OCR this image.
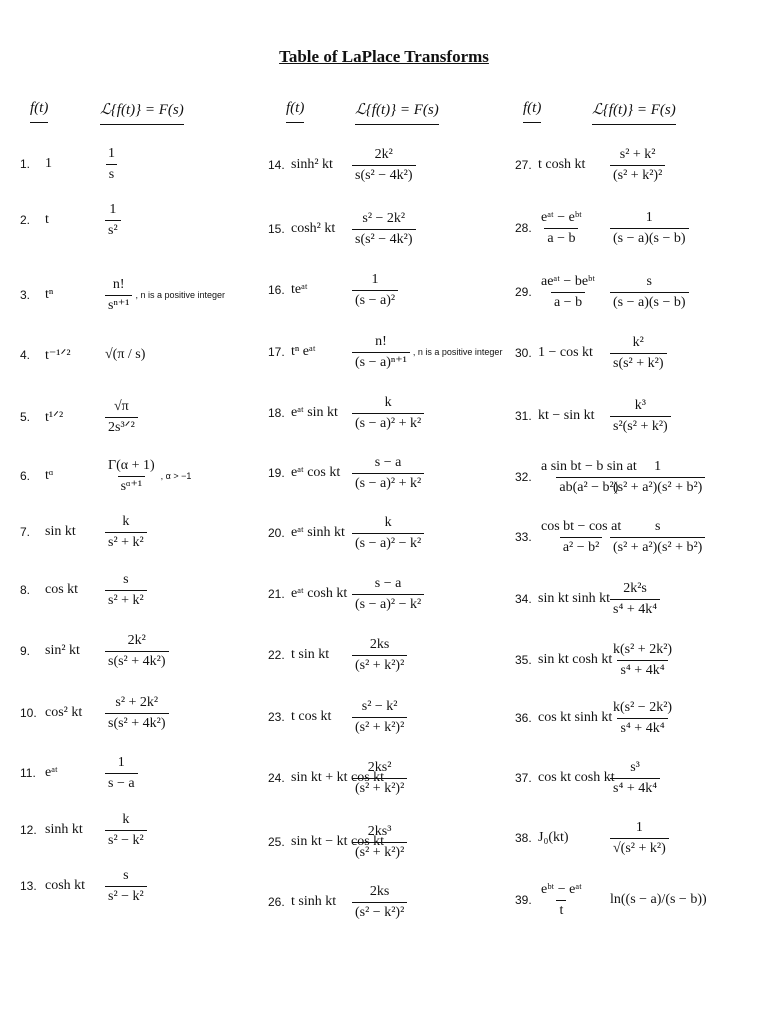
Table of LaPlace Transforms
f(t)	ℒ{f(t)} = F(s)
1. 1	$\frac{1}{s}$
2. t	$\frac{1}{\text{s²}}$
3. tⁿ	$\frac{n!}{\text{sⁿ⁺¹}}$ , n is a positive integer
4. t⁻¹ᐟ² √(π / s)
5. t¹ᐟ²	$\frac{√\pi}{\text{2s³ᐟ²}}$
6. tᵅ	$\frac{\Gamma(\alpha + 1)}{\text{sᵅ⁺¹}}$ , α > −1
7. sin kt $\frac{k}{\text{s² + k²}}$
8. cos kt $\frac{s}{\text{s² + k²}}$
9. sin² kt $\frac{\text{2k²}}{\text{s(s² + 4k²)}}$
10. cos² kt $\frac{\text{s² + 2k²}}{\text{s(s² + 4k²)}}$
11. eᵃᵗ	$\frac{1}{s - a}$
12. sinh kt $\frac{k}{\text{s² − k²}}$
13. cosh kt $\frac{s}{\text{s² − k²}}$
f(t)	ℒ{f(t)} = F(s)
14. sinh² kt $\frac{\text{2k²}}{\text{s(s² − 4k²)}}$
15. cosh² kt $\frac{\text{s² − 2k²}}{\text{s(s² − 4k²)}}$
16. teᵃᵗ	$\frac{1}{\text{(s − a)²}}$
17. tⁿ eᵃᵗ	$\frac{n!}{\text{(s − a)ⁿ⁺¹}}$ , n is a positive integer
18. eᵃᵗ sin kt $\frac{k}{\text{(s − a)² + k²}}$
19. eᵃᵗ cos kt $\frac{s - a}{\text{(s − a)² + k²}}$
20. eᵃᵗ sinh kt $\frac{k}{\text{(s − a)² − k²}}$
21. eᵃᵗ cosh kt $\frac{s - a}{\text{(s − a)² − k²}}$
22. t sin kt $\frac{2ks}{\text{(s² + k²)²}}$
23. t cos kt $\frac{\text{s² − k²}}{\text{(s² + k²)²}}$
24. sin kt + kt cos kt
$\frac{\text{2ks²}}{\text{(s² + k²)²}}$
25. sin kt − kt cos kt
$\frac{\text{2ks³}}{\text{(s² + k²)²}}$
26. t sinh kt $\frac{2ks}{\text{(s² − k²)²}}$
f(t)	ℒ{f(t)} = F(s)
27. t cosh kt $\frac{\text{s² + k²}}{\text{(s² + k²)²}}$
28. $\frac{\text{eᵃᵗ − eᵇᵗ}}{a - b} \frac{1}{(s - a)(s - b)}$
29. $\frac{\text{aeᵃᵗ − beᵇᵗ}}{a - b} \frac{s}{(s - a)(s - b)}$
30. 1 − cos kt $\frac{\text{k²}}{\text{s(s² + k²)}}$
31. kt − sin kt $\frac{\text{k³}}{\text{s²(s² + k²)}}$
32. $\frac{\text{a sin bt − b sin at}}{\text{ab(a² − b²)}}$
$\frac{1}{\text{(s² + a²)(s² + b²)}}$
33. $\frac{\text{cos bt − cos at}}{\text{a² − b²}}$
$\frac{s}{\text{(s² + a²)(s² + b²)}}$
34. sin kt sinh kt $\frac{\text{2k²s}}{\text{s⁴ + 4k⁴}}$
35. sin kt cosh kt
$\frac{\text{k(s² + 2k²)}}{\text{s⁴ + 4k⁴}}$
36. cos kt sinh kt
$\frac{\text{k(s² − 2k²)}}{\text{s⁴ + 4k⁴}}$
37. cos kt cosh kt
$\frac{\text{s³}}{\text{s⁴ + 4k⁴}}$
38. J₀(kt)	$\frac{1}{\text{√(s² + k²)}}$
39. $\frac{\text{eᵇᵗ − eᵃᵗ}}{t} \ln((s - a)/(s - b))$
